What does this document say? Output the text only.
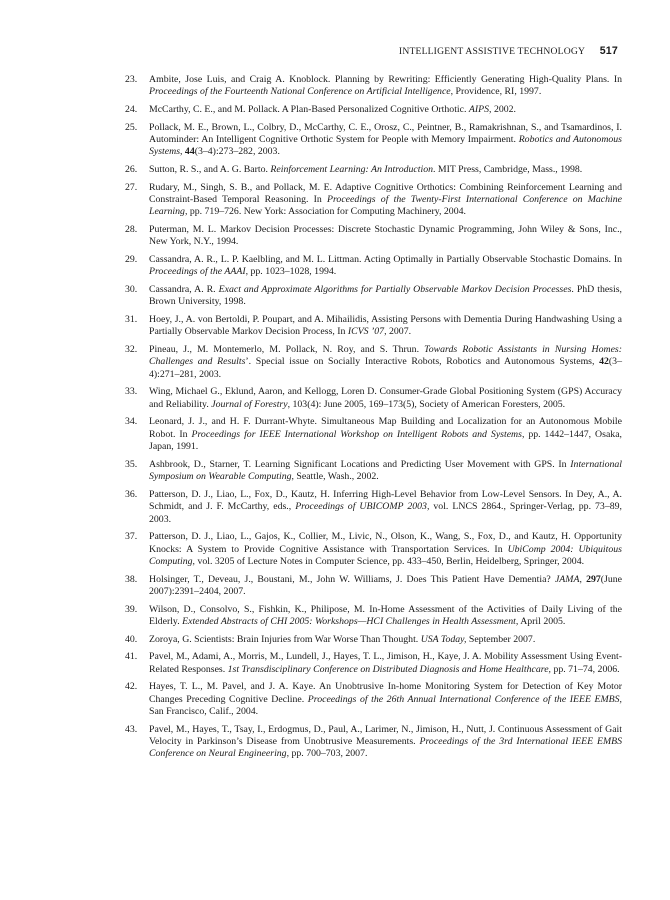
INTELLIGENT ASSISTIVE TECHNOLOGY 517
23.	Ambite, Jose Luis, and Craig A. Knoblock. Planning by Rewriting: Efficiently Generating High-Quality Plans. In Proceedings of the Fourteenth National Conference on Artificial Intelligence, Providence, RI, 1997.
24.	McCarthy, C. E., and M. Pollack. A Plan-Based Personalized Cognitive Orthotic. AIPS, 2002.
25.	Pollack, M. E., Brown, L., Colbry, D., McCarthy, C. E., Orosz, C., Peintner, B., Ramakrishnan, S., and Tsamardinos, I. Autominder: An Intelligent Cognitive Orthotic System for People with Memory Impairment. Robotics and Autonomous Systems, 44(3–4):273–282, 2003.
26.	Sutton, R. S., and A. G. Barto. Reinforcement Learning: An Introduction. MIT Press, Cambridge, Mass., 1998.
27.	Rudary, M., Singh, S. B., and Pollack, M. E. Adaptive Cognitive Orthotics: Combining Reinforcement Learning and Constraint-Based Temporal Reasoning. In Proceedings of the Twenty-First International Conference on Machine Learning, pp. 719–726. New York: Association for Computing Machinery, 2004.
28.	Puterman, M. L. Markov Decision Processes: Discrete Stochastic Dynamic Programming, John Wiley & Sons, Inc., New York, N.Y., 1994.
29.	Cassandra, A. R., L. P. Kaelbling, and M. L. Littman. Acting Optimally in Partially Observable Stochastic Domains. In Proceedings of the AAAI, pp. 1023–1028, 1994.
30.	Cassandra, A. R. Exact and Approximate Algorithms for Partially Observable Markov Decision Processes. PhD thesis, Brown University, 1998.
31.	Hoey, J., A. von Bertoldi, P. Poupart, and A. Mihailidis, Assisting Persons with Dementia During Handwashing Using a Partially Observable Markov Decision Process, In ICVS ’07, 2007.
32.	Pineau, J., M. Montemerlo, M. Pollack, N. Roy, and S. Thrun. Towards Robotic Assistants in Nursing Homes: Challenges and Results’. Special issue on Socially Interactive Robots, Robotics and Autonomous Systems, 42(3–4):271–281, 2003.
33.	Wing, Michael G., Eklund, Aaron, and Kellogg, Loren D. Consumer-Grade Global Positioning System (GPS) Accuracy and Reliability. Journal of Forestry, 103(4): June 2005, 169–173(5), Society of American Foresters, 2005.
34.	Leonard, J. J., and H. F. Durrant-Whyte. Simultaneous Map Building and Localization for an Autonomous Mobile Robot. In Proceedings for IEEE International Workshop on Intelligent Robots and Systems, pp. 1442–1447, Osaka, Japan, 1991.
35.	Ashbrook, D., Starner, T. Learning Significant Locations and Predicting User Movement with GPS. In International Symposium on Wearable Computing, Seattle, Wash., 2002.
36.	Patterson, D. J., Liao, L., Fox, D., Kautz, H. Inferring High-Level Behavior from Low-Level Sensors. In Dey, A., A. Schmidt, and J. F. McCarthy, eds., Proceedings of UBICOMP 2003, vol. LNCS 2864., Springer-Verlag, pp. 73–89, 2003.
37.	Patterson, D. J., Liao, L., Gajos, K., Collier, M., Livic, N., Olson, K., Wang, S., Fox, D., and Kautz, H. Opportunity Knocks: A System to Provide Cognitive Assistance with Transportation Services. In UbiComp 2004: Ubiquitous Computing, vol. 3205 of Lecture Notes in Computer Science, pp. 433–450, Berlin, Heidelberg, Springer, 2004.
38.	Holsinger, T., Deveau, J., Boustani, M., John W. Williams, J. Does This Patient Have Dementia? JAMA, 297(June 2007):2391–2404, 2007.
39.	Wilson, D., Consolvo, S., Fishkin, K., Philipose, M. In-Home Assessment of the Activities of Daily Living of the Elderly. Extended Abstracts of CHI 2005: Workshops—HCI Challenges in Health Assessment, April 2005.
40.	Zoroya, G. Scientists: Brain Injuries from War Worse Than Thought. USA Today, September 2007.
41.	Pavel, M., Adami, A., Morris, M., Lundell, J., Hayes, T. L., Jimison, H., Kaye, J. A. Mobility Assessment Using Event-Related Responses. 1st Transdisciplinary Conference on Distributed Diagnosis and Home Healthcare, pp. 71–74, 2006.
42.	Hayes, T. L., M. Pavel, and J. A. Kaye. An Unobtrusive In-home Monitoring System for Detection of Key Motor Changes Preceding Cognitive Decline. Proceedings of the 26th Annual International Conference of the IEEE EMBS, San Francisco, Calif., 2004.
43.	Pavel, M., Hayes, T., Tsay, I., Erdogmus, D., Paul, A., Larimer, N., Jimison, H., Nutt, J. Continuous Assessment of Gait Velocity in Parkinson’s Disease from Unobtrusive Measurements. Proceedings of the 3rd International IEEE EMBS Conference on Neural Engineering, pp. 700–703, 2007.
